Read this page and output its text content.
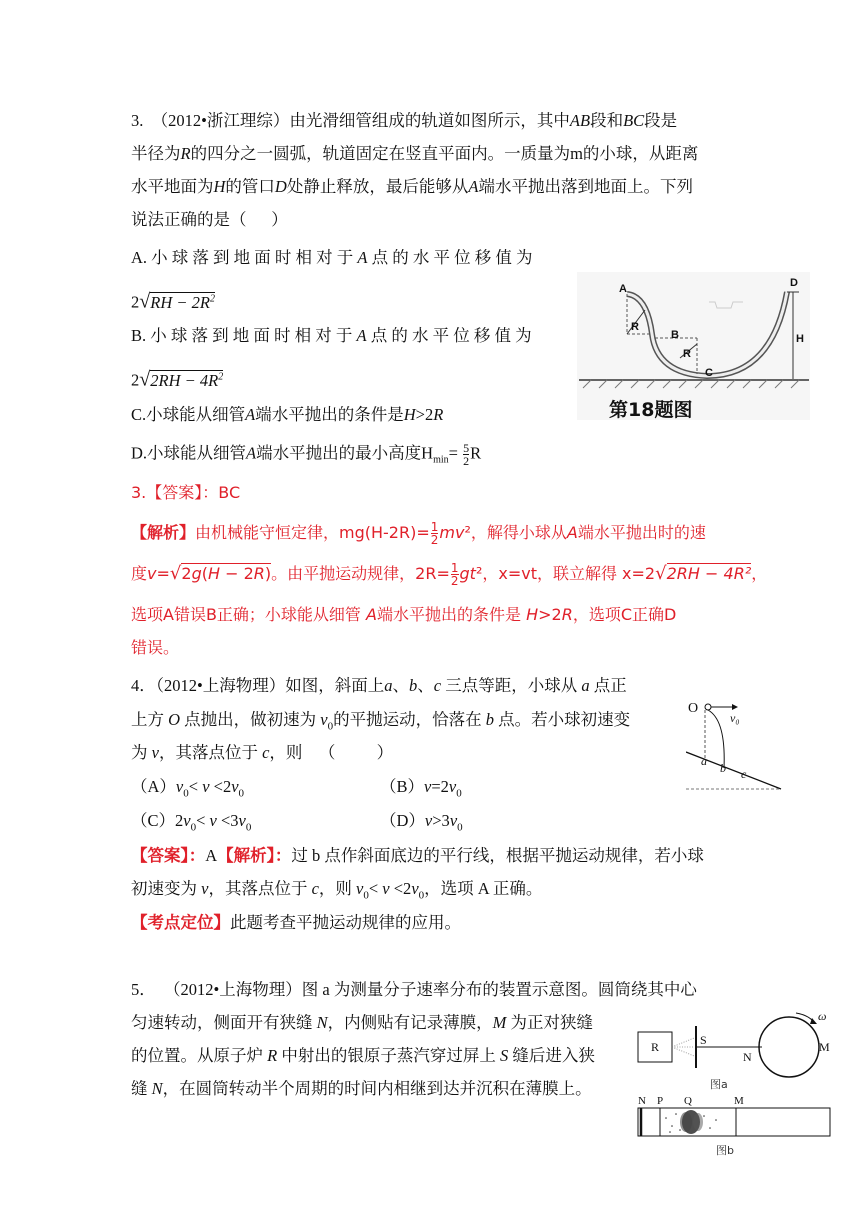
3.  （2012•浙江理综）由光滑细管组成的轨道如图所示，其中AB段和BC段是
半径为R的四分之一圆弧，轨道固定在竖直平面内。一质量为m的小球，从距离
水平地面为H的管口D处静止释放，最后能够从A端水平抛出落到地面上。下列
说法正确的是（      ）
A. 小 球 落 到 地 面 时 相 对 于 A 点 的 水 平 位 移 值 为
$2√RH - 2R^2$
B. 小 球 落 到 地 面 时 相 对 于 A 点 的 水 平 位 移 值 为
$2√2RH - 4R^2$
C.小球能从细管A端水平抛出的条件是H>2R
D.小球能从细管A端水平抛出的最小高度$H_{min}= \frac{5}{2}$ R
3.【答案】：BC
【解析】由机械能守恒定律，$mg(H-2R)= \frac{1}{2} mv^2$，解得小球从A端水平抛出时的速
度v=√2g(H − 2R)。由平抛运动规律，$2R= \frac{1}{2} gt^2$，x=vt，联立解得 x=2√2RH − 4R²，
选项A错误B正确；小球能从细管 A端水平抛出的条件是 H>2R，选项C正确D
错误。
A	D
R
B
R
C
H
第18题图
4．（2012•上海物理）如图，斜面上a、b、c 三点等距，小球从 a 点正
上方 O 点抛出，做初速为 $v_0$的平抛运动，恰落在 b 点。若小球初速变
为 v，其落点位于 c，则    （          ）
$(A)v_0< v <2v_0$	$(B)v=2v_0$
$(C)2v_0< v <3v_0$	$(D)v>3v_0$
【答案】：A【解析】：过 b 点作斜面底边的平行线，根据平抛运动规律，若小球
初速变为 v，其落点位于 c，则 $v_0< v <2v_0$，选项 A 正确。
【考点定位】此题考查平抛运动规律的应用。
O
v₀
a b c
5．  （2012•上海物理）图 a 为测量分子速率分布的装置示意图。圆筒绕其中心
匀速转动，侧面开有狭缝 N，内侧贴有记录薄膜，M 为正对狭缝
的位置。从原子炉 R 中射出的银原子蒸汽穿过屏上 S 缝后进入狭
缝 N，在圆筒转动半个周期的时间内相继到达并沉积在薄膜上。
R	S
N
M
ω
图a
N P Q	M
图b
